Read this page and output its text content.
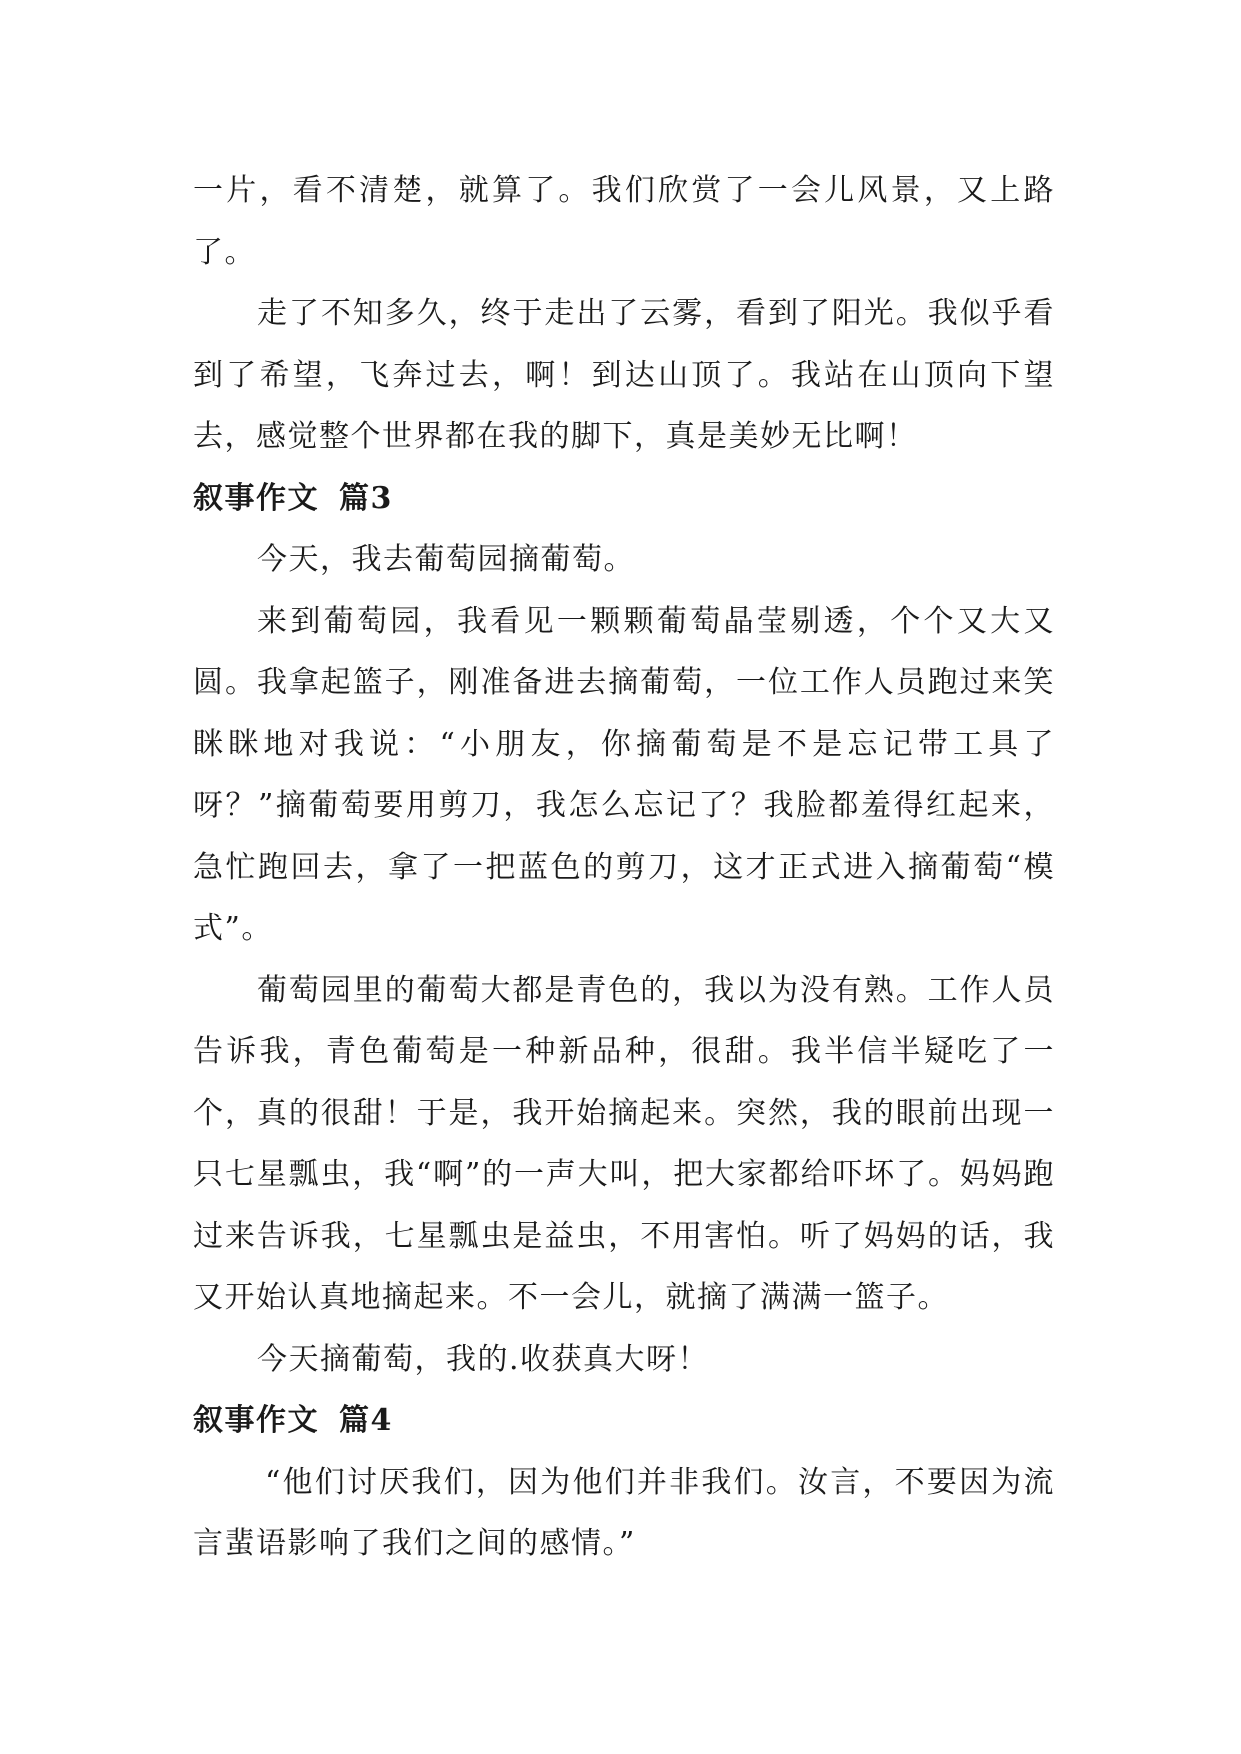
一片，看不清楚，就算了。我们欣赏了一会儿风景，又上路了。

走了不知多久，终于走出了云雾，看到了阳光。我似乎看到了希望，飞奔过去，啊！到达山顶了。我站在山顶向下望去，感觉整个世界都在我的脚下，真是美妙无比啊！

叙事作文 篇3

今天，我去葡萄园摘葡萄。

来到葡萄园，我看见一颗颗葡萄晶莹剔透，个个又大又圆。我拿起篮子，刚准备进去摘葡萄，一位工作人员跑过来笑眯眯地对我说：“小朋友，你摘葡萄是不是忘记带工具了呀？”摘葡萄要用剪刀，我怎么忘记了？我脸都羞得红起来，急忙跑回去，拿了一把蓝色的剪刀，这才正式进入摘葡萄“模式”。

葡萄园里的葡萄大都是青色的，我以为没有熟。工作人员告诉我，青色葡萄是一种新品种，很甜。我半信半疑吃了一个，真的很甜！于是，我开始摘起来。突然，我的眼前出现一只七星瓢虫，我“啊”的一声大叫，把大家都给吓坏了。妈妈跑过来告诉我，七星瓢虫是益虫，不用害怕。听了妈妈的话，我又开始认真地摘起来。不一会儿，就摘了满满一篮子。

今天摘葡萄，我的.收获真大呀！

叙事作文 篇4

“他们讨厌我们，因为他们并非我们。汝言，不要因为流言蜚语影响了我们之间的感情。”
